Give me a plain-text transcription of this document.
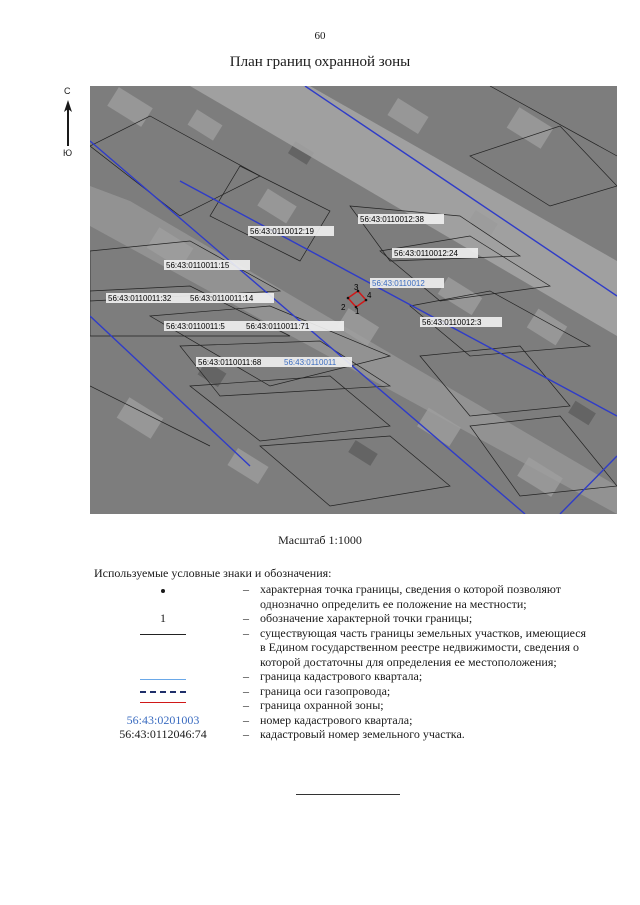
60
План границ охранной зоны
С
Ю
56:43:0110012:38
56:43:0110012:19
56:43:0110012:24
56:43:0110011:15
56:43:0110011:32 56:43:0110011:14
56:43:0110011:5	56:43:0110011:71
56:43:0110011:68
56:43:0110012:3
56:43:0110012
56:43:0110011
1
2
3
4
Масштаб 1:1000
Используемые условные знаки и обозначения:
– характерная точка границы, сведения о которой позволяют
однозначно определить ее положение на местности;
1	– обозначение характерной точки границы;
– существующая часть границы земельных участков, имеющиеся
в Едином государственном реестре недвижимости, сведения о
которой достаточны для определения ее местоположения;
– граница кадастрового квартала;
– граница оси газопровода;
– граница охранной зоны;
56:43:0201003	– номер кадастрового квартала;
56:43:0112046:74	– кадастровый номер земельного участка.
